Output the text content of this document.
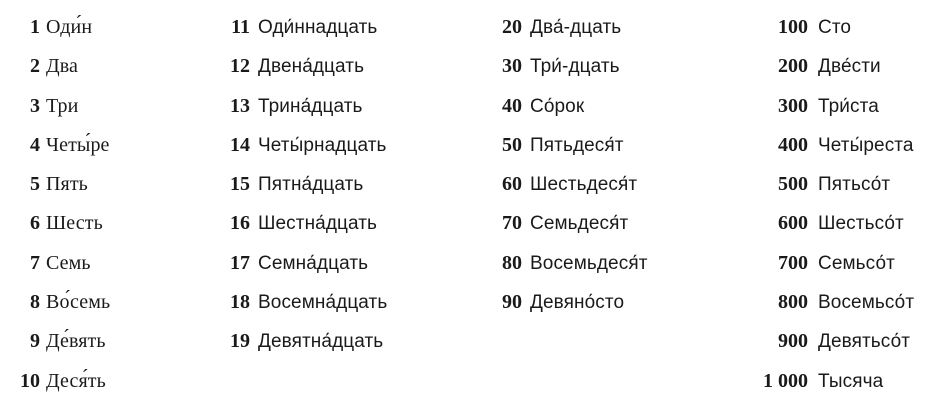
1 Оди́н
2 Два
3 Три
4 Четы́ре
5 Пять
6 Шесть
7 Семь
8 Во́семь
9 Де́вять
10 Деся́ть
11 Оди́ннадцать
12 Двена́дцать
13 Трина́дцать
14 Четы́рнадцать
15 Пятна́дцать
16 Шестна́дцать
17 Семна́дцать
18 Восемна́дцать
19 Девятна́дцать
20 Два́-дцать
30 Три́-дцать
40 Со́рок
50 Пятьдеся́т
60 Шестьдеся́т
70 Семьдеся́т
80 Восемьдеся́т
90 Девяно́сто
100 Сто
200 Две́сти
300 Три́ста
400 Четы́реста
500 Пятьсо́т
600 Шестьсо́т
700 Семьсо́т
800 Восемьсо́т
900 Девятьсо́т
1 000 Тысяча
